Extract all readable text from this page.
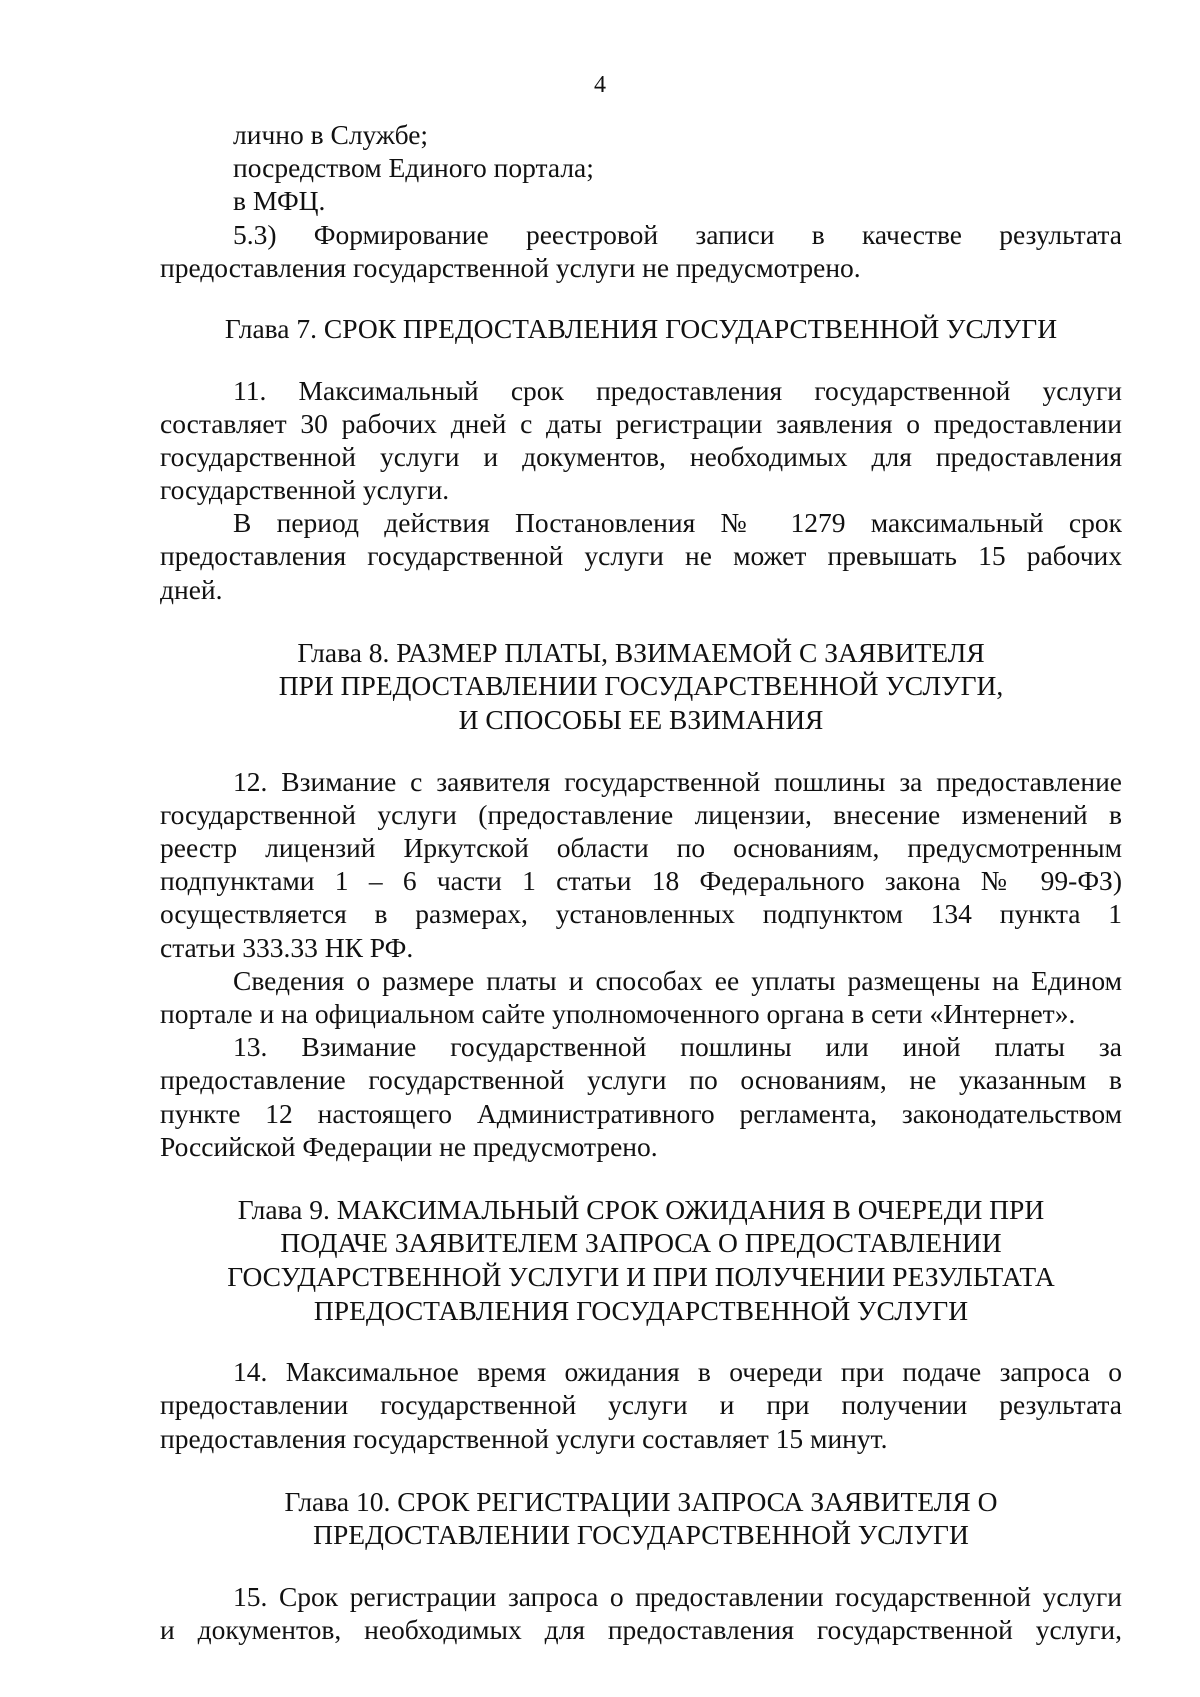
4
лично в Службе;
посредством Единого портала;
в МФЦ.
5.3) Формирование реестровой записи в качестве результата
предоставления государственной услуги не предусмотрено.
Глава 7. СРОК ПРЕДОСТАВЛЕНИЯ ГОСУДАРСТВЕННОЙ УСЛУГИ
11. Максимальный срок предоставления государственной услуги
составляет 30 рабочих дней с даты регистрации заявления о предоставлении
государственной услуги и документов, необходимых для предоставления
государственной услуги.
В период действия Постановления № 1279 максимальный срок
предоставления государственной услуги не может превышать 15 рабочих
дней.
Глава 8. РАЗМЕР ПЛАТЫ, ВЗИМАЕМОЙ С ЗАЯВИТЕЛЯ
ПРИ ПРЕДОСТАВЛЕНИИ ГОСУДАРСТВЕННОЙ УСЛУГИ,
И СПОСОБЫ ЕЕ ВЗИМАНИЯ
12. Взимание с заявителя государственной пошлины за предоставление
государственной услуги (предоставление лицензии, внесение изменений в
реестр лицензий Иркутской области по основаниям, предусмотренным
подпунктами 1 – 6 части 1 статьи 18 Федерального закона № 99-ФЗ)
осуществляется в размерах, установленных подпунктом 134 пункта 1
статьи 333.33 НК РФ.
Сведения о размере платы и способах ее уплаты размещены на Едином
портале и на официальном сайте уполномоченного органа в сети «Интернет».
13. Взимание государственной пошлины или иной платы за
предоставление государственной услуги по основаниям, не указанным в
пункте 12 настоящего Административного регламента, законодательством
Российской Федерации не предусмотрено.
Глава 9. МАКСИМАЛЬНЫЙ СРОК ОЖИДАНИЯ В ОЧЕРЕДИ ПРИ
ПОДАЧЕ ЗАЯВИТЕЛЕМ ЗАПРОСА О ПРЕДОСТАВЛЕНИИ
ГОСУДАРСТВЕННОЙ УСЛУГИ И ПРИ ПОЛУЧЕНИИ РЕЗУЛЬТАТА
ПРЕДОСТАВЛЕНИЯ ГОСУДАРСТВЕННОЙ УСЛУГИ
14. Максимальное время ожидания в очереди при подаче запроса о
предоставлении государственной услуги и при получении результата
предоставления государственной услуги составляет 15 минут.
Глава 10. СРОК РЕГИСТРАЦИИ ЗАПРОСА ЗАЯВИТЕЛЯ О
ПРЕДОСТАВЛЕНИИ ГОСУДАРСТВЕННОЙ УСЛУГИ
15. Срок регистрации запроса о предоставлении государственной услуги
и документов, необходимых для предоставления государственной услуги,
